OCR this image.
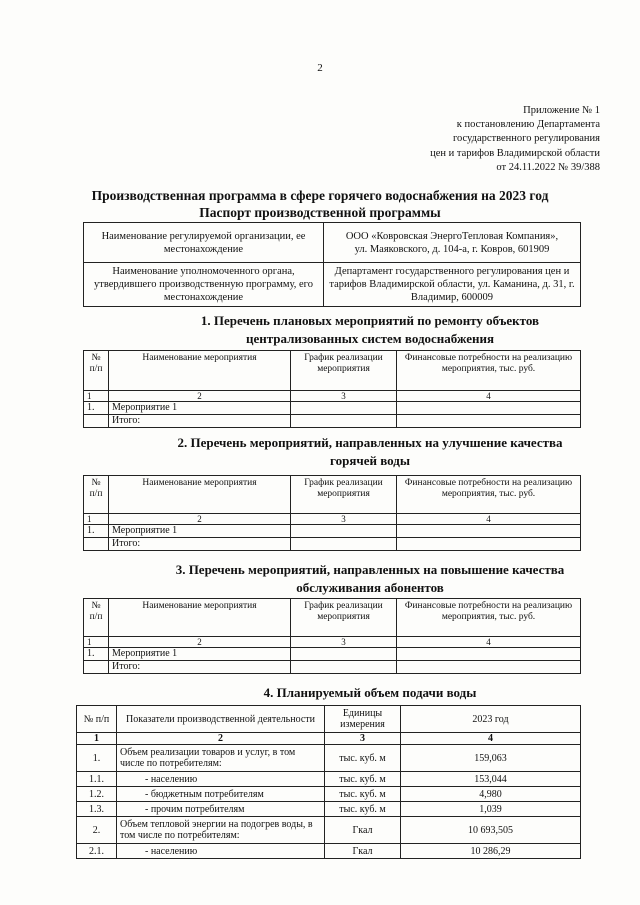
2
Приложение № 1
к постановлению Департамента
государственного регулирования
цен и тарифов Владимирской области
от 24.11.2022 № 39/388
Производственная программа в сфере горячего водоснабжения на 2023 год
Паспорт производственной программы
Наименование регулируемой организации, ее местонахождение	ООО «Ковровская ЭнергоТепловая Компания»,
ул. Маяковского, д. 104-а, г. Ковров, 601909

Наименование уполномоченного органа, утвердившего производственную программу, его местонахождение	Департамент государственного регулирования цен и тарифов Владимирской области, ул. Каманина, д. 31, г. Владимир, 600009
1. Перечень плановых мероприятий по ремонту объектов
централизованных систем водоснабжения
№ п/п	Наименование мероприятия	График реализации мероприятия	Финансовые потребности на реализацию мероприятия, тыс. руб.
1	2	3	4
1.	Мероприятие 1		
	Итого:		
2. Перечень мероприятий, направленных на улучшение качества
горячей воды
№ п/п	Наименование мероприятия	График реализации мероприятия	Финансовые потребности на реализацию мероприятия, тыс. руб.
1	2	3	4
1.	Мероприятие 1		
	Итого:		
3. Перечень мероприятий, направленных на повышение качества
обслуживания абонентов
№ п/п	Наименование мероприятия	График реализации мероприятия	Финансовые потребности на реализацию мероприятия, тыс. руб.
1	2	3	4
1.	Мероприятие 1		
	Итого:		
4. Планируемый объем подачи воды
№ п/п	Показатели производственной деятельности	Единицы измерения	2023 год
1	2	3	4
1.	Объем реализации товаров и услуг, в том числе по потребителям:	тыс. куб. м	159,063
1.1.	- населению	тыс. куб. м	153,044
1.2.	- бюджетным потребителям	тыс. куб. м	4,980
1.3.	- прочим потребителям	тыс. куб. м	1,039
2.	Объем тепловой энергии на подогрев воды, в том числе по потребителям:	Гкал	10 693,505
2.1.	- населению	Гкал	10 286,29
